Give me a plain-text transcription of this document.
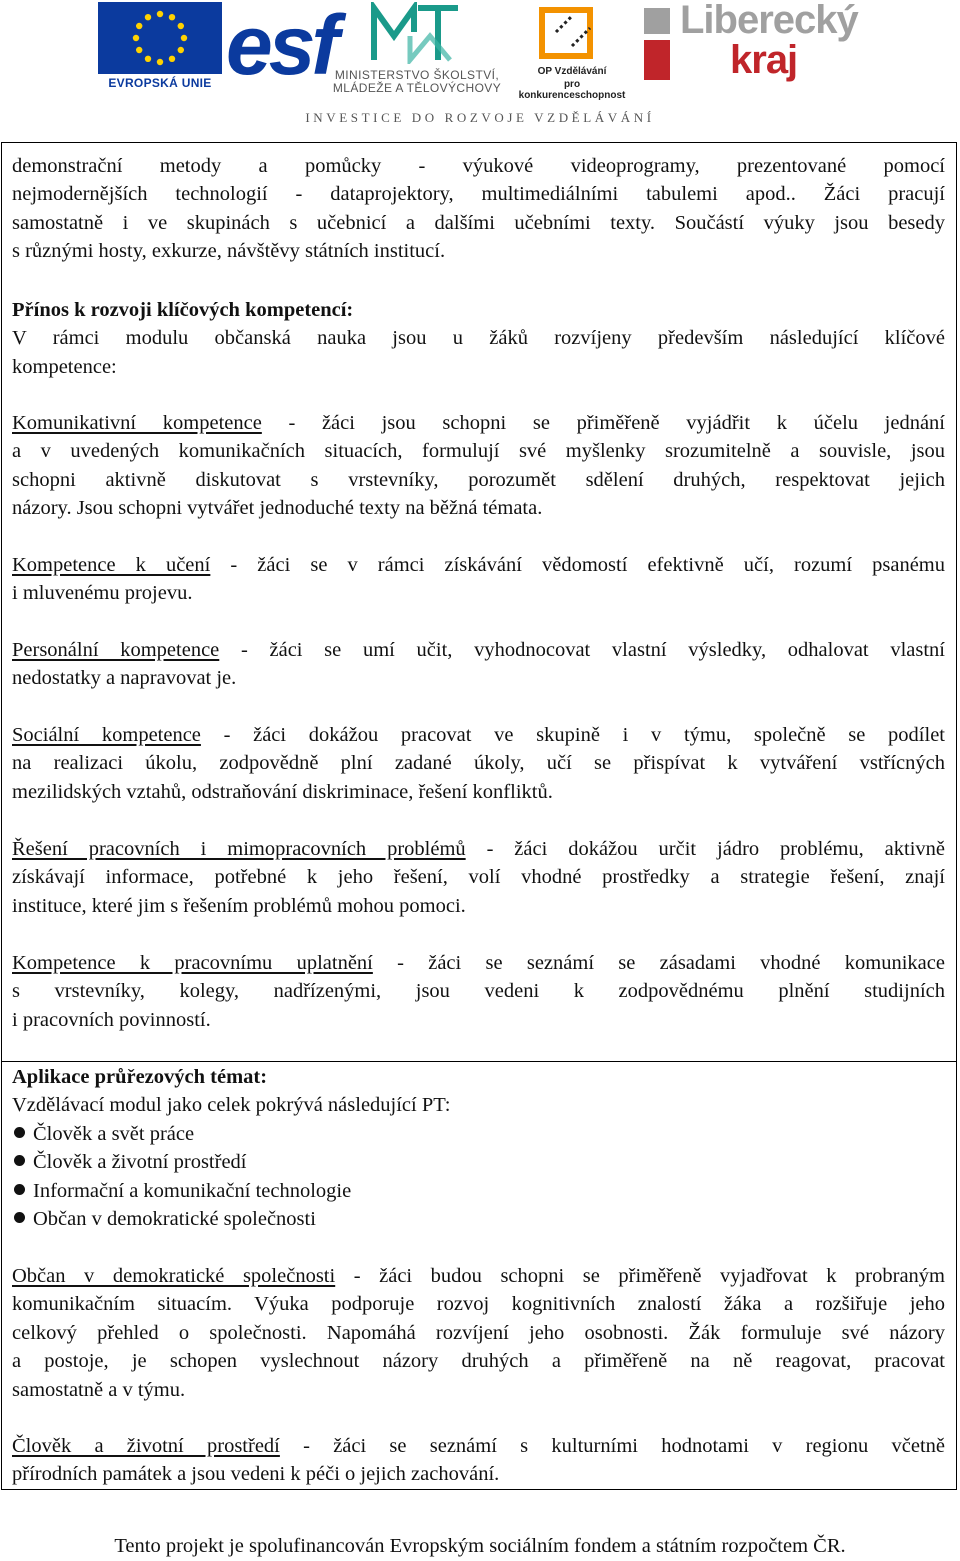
EVROPSKÁ UNIE esf MINISTERSTVO ŠKOLSTVÍ,
MLÁDEŽE A TĚLOVÝCHOVY
OP Vzdělávání
pro konkurenceschopnost
Liberecký
kraj
INVESTICE DO ROZVOJE VZDĚLÁVÁNÍ
demonstrační metody a pomůcky - výukové videoprogramy, prezentované pomocí
nejmodernějších technologií - dataprojektory, multimediálními tabulemi apod.. Žáci pracují
samostatně i ve skupinách s učebnicí a dalšími učebními texty. Součástí výuky jsou besedy
s různými hosty, exkurze, návštěvy státních institucí.
Přínos k rozvoji klíčových kompetencí:
V rámci modulu občanská nauka jsou u žáků rozvíjeny především následující klíčové
kompetence:
Komunikativní kompetence - žáci jsou schopni se přiměřeně vyjádřit k účelu jednání
a v uvedených komunikačních situacích, formulují své myšlenky srozumitelně a souvisle, jsou
schopni aktivně diskutovat s vrstevníky, porozumět sdělení druhých, respektovat jejich
názory. Jsou schopni vytvářet jednoduché texty na běžná témata.
Kompetence k učení - žáci se v rámci získávání vědomostí efektivně učí, rozumí psanému
i mluvenému projevu.
Personální kompetence - žáci se umí učit, vyhodnocovat vlastní výsledky, odhalovat vlastní
nedostatky a napravovat je.
Sociální kompetence - žáci dokážou pracovat ve skupině i v týmu, společně se podílet
na realizaci úkolu, zodpovědně plní zadané úkoly, učí se přispívat k vytváření vstřícných
mezilidských vztahů, odstraňování diskriminace, řešení konfliktů.
Řešení pracovních i mimopracovních problémů - žáci dokážou určit jádro problému, aktivně
získávají informace, potřebné k jeho řešení, volí vhodné prostředky a strategie řešení, znají
instituce, které jim s řešením problémů mohou pomoci.
Kompetence k pracovnímu uplatnění - žáci se seznámí se zásadami vhodné komunikace
s vrstevníky, kolegy, nadřízenými, jsou vedeni k zodpovědnému plnění studijních
i pracovních povinností.
Aplikace průřezových témat:
Vzdělávací modul jako celek pokrývá následující PT:
Člověk a svět práce
Člověk a životní prostředí
Informační a komunikační technologie
Občan v demokratické společnosti
Občan v demokratické společnosti - žáci budou schopni se přiměřeně vyjadřovat k probraným
komunikačním situacím. Výuka podporuje rozvoj kognitivních znalostí žáka a rozšiřuje jeho
celkový přehled o společnosti. Napomáhá rozvíjení jeho osobnosti. Žák formuluje své názory
a postoje, je schopen vyslechnout názory druhých a přiměřeně na ně reagovat, pracovat
samostatně a v týmu.
Člověk a životní prostředí - žáci se seznámí s kulturními hodnotami v regionu včetně
přírodních památek a jsou vedeni k péči o jejich zachování.
Tento projekt je spolufinancován Evropským sociálním fondem a státním rozpočtem ČR.
